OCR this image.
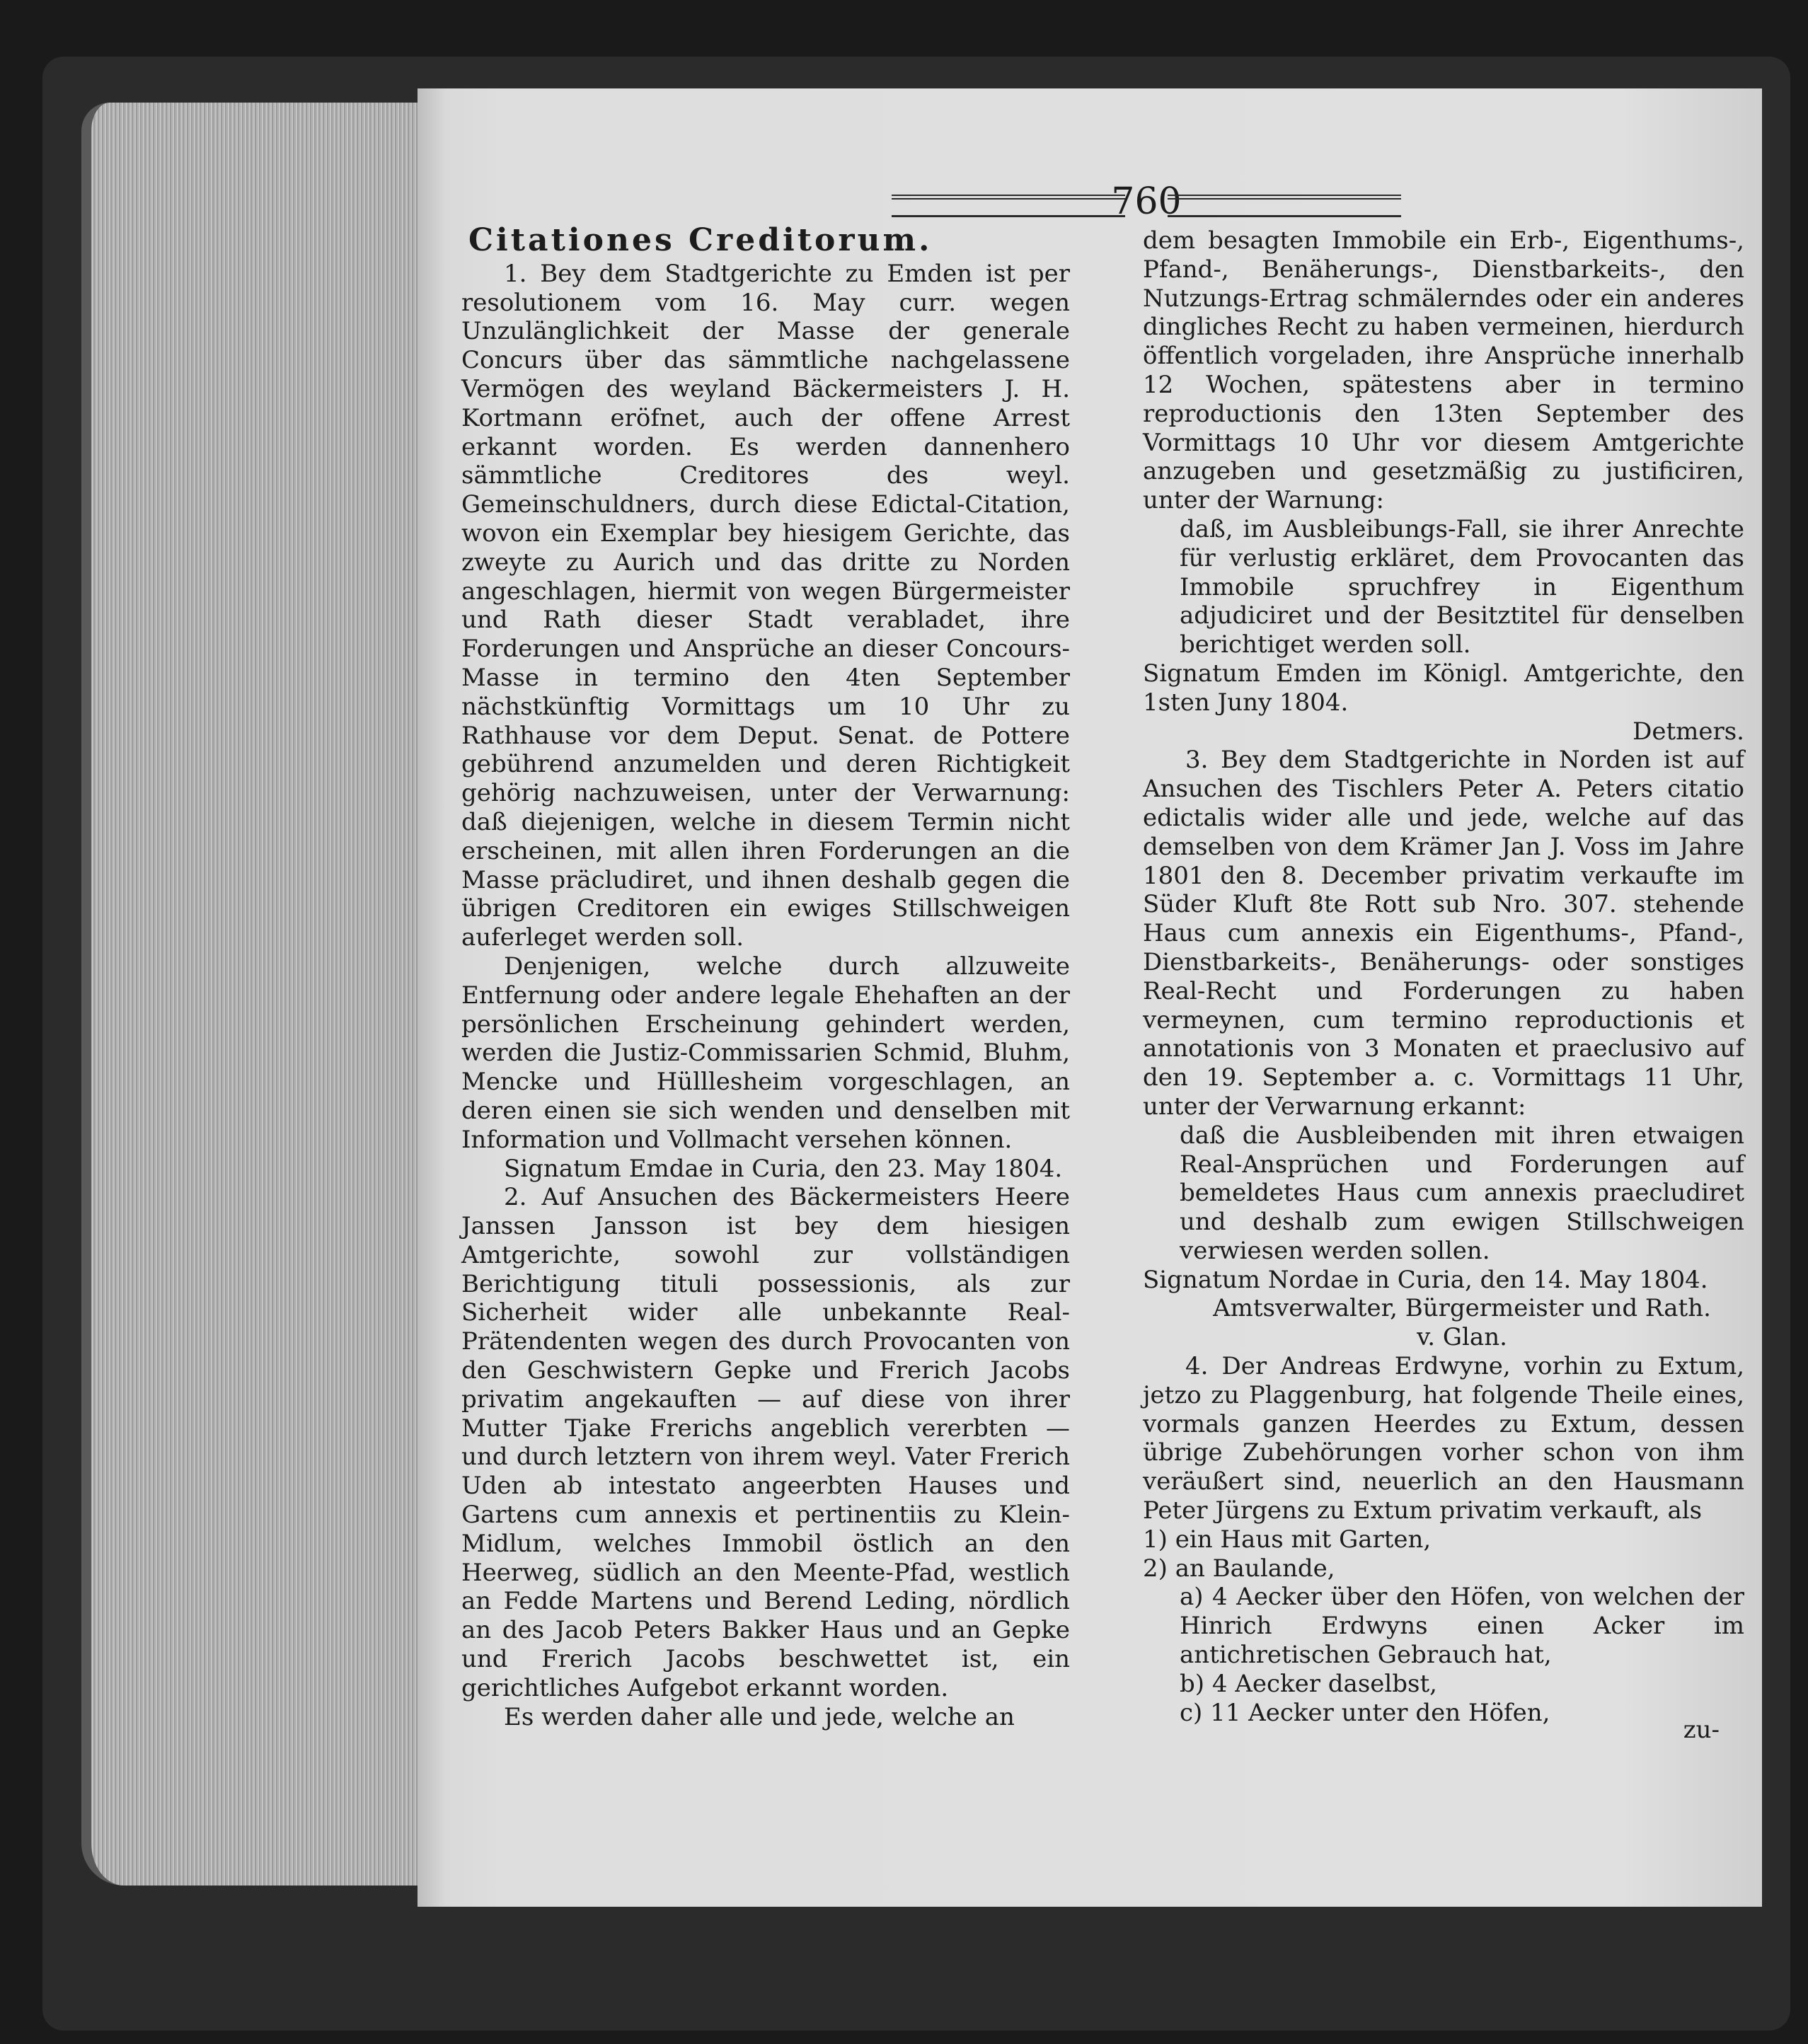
760
Citationes Creditorum.

1. Bey dem Stadtgerichte zu Emden ist per resolutionem vom 16. May curr. wegen Unzulänglichkeit der Masse der generale Concurs über das sämmtliche nachgelassene Vermögen des weyland Bäckermeisters J. H. Kortmann eröfnet, auch der offene Arrest erkannt worden. Es werden dannenhero sämmtliche Creditores des weyl. Gemeinschuldners, durch diese Edictal-Citation, wovon ein Exemplar bey hiesigem Gerichte, das zweyte zu Aurich und das dritte zu Norden angeschlagen, hiermit von wegen Bürgermeister und Rath dieser Stadt verabladet, ihre Forderungen und Ansprüche an dieser Concours-Masse in termino den 4ten September nächstkünftig Vormittags um 10 Uhr zu Rathhause vor dem Deput. Senat. de Pottere gebührend anzumelden und deren Richtigkeit gehörig nachzuweisen, unter der Verwarnung: daß diejenigen, welche in diesem Termin nicht erscheinen, mit allen ihren Forderungen an die Masse präcludiret, und ihnen deshalb gegen die übrigen Creditoren ein ewiges Stillschweigen auferleget werden soll.

Denjenigen, welche durch allzuweite Entfernung oder andere legale Ehehaften an der persönlichen Erscheinung gehindert werden, werden die Justiz-Commissarien Schmid, Bluhm, Mencke und Hülllesheim vorgeschlagen, an deren einen sie sich wenden und denselben mit Information und Vollmacht versehen können.

Signatum Emdae in Curia, den 23. May 1804.

2. Auf Ansuchen des Bäckermeisters Heere Janssen Jansson ist bey dem hiesigen Amtgerichte, sowohl zur vollständigen Berichtigung tituli possessionis, als zur Sicherheit wider alle unbekannte Real-Prätendenten wegen des durch Provocanten von den Geschwistern Gepke und Frerich Jacobs privatim angekauften — auf diese von ihrer Mutter Tjake Frerichs angeblich vererbten — und durch letztern von ihrem weyl. Vater Frerich Uden ab intestato angeerbten Hauses und Gartens cum annexis et pertinentiis zu Klein-Midlum, welches Immobil östlich an den Heerweg, südlich an den Meente-Pfad, westlich an Fedde Martens und Berend Leding, nördlich an des Jacob Peters Bakker Haus und an Gepke und Frerich Jacobs beschwettet ist, ein gerichtliches Aufgebot erkannt worden.

Es werden daher alle und jede, welche an

dem besagten Immobile ein Erb-, Eigenthums-, Pfand-, Benäherungs-, Dienstbarkeits-, den Nutzungs-Ertrag schmälerndes oder ein anderes dingliches Recht zu haben vermeinen, hierdurch öffentlich vorgeladen, ihre Ansprüche innerhalb 12 Wochen, spätestens aber in termino reproductionis den 13ten September des Vormittags 10 Uhr vor diesem Amtgerichte anzugeben und gesetzmäßig zu justificiren, unter der Warnung:

daß, im Ausbleibungs-Fall, sie ihrer Anrechte für verlustig erkläret, dem Provocanten das Immobile spruchfrey in Eigenthum adjudiciret und der Besitztitel für denselben berichtiget werden soll.

Signatum Emden im Königl. Amtgerichte, den 1sten Juny 1804.

Detmers.

3. Bey dem Stadtgerichte in Norden ist auf Ansuchen des Tischlers Peter A. Peters citatio edictalis wider alle und jede, welche auf das demselben von dem Krämer Jan J. Voss im Jahre 1801 den 8. December privatim verkaufte im Süder Kluft 8te Rott sub Nro. 307. stehende Haus cum annexis ein Eigenthums-, Pfand-, Dienstbarkeits-, Benäherungs- oder sonstiges Real-Recht und Forderungen zu haben vermeynen, cum termino reproductionis et annotationis von 3 Monaten et praeclusivo auf den 19. September a. c. Vormittags 11 Uhr, unter der Verwarnung erkannt:

daß die Ausbleibenden mit ihren etwaigen Real-Ansprüchen und Forderungen auf bemeldetes Haus cum annexis praecludiret und deshalb zum ewigen Stillschweigen verwiesen werden sollen.

Signatum Nordae in Curia, den 14. May 1804.

Amtsverwalter, Bürgermeister und Rath.

v. Glan.

4. Der Andreas Erdwyne, vorhin zu Extum, jetzo zu Plaggenburg, hat folgende Theile eines, vormals ganzen Heerdes zu Extum, dessen übrige Zubehörungen vorher schon von ihm veräußert sind, neuerlich an den Hausmann Peter Jürgens zu Extum privatim verkauft, als

1) ein Haus mit Garten,

2) an Baulande,

a) 4 Aecker über den Höfen, von welchen der Hinrich Erdwyns einen Acker im antichretischen Gebrauch hat,

b) 4 Aecker daselbst,

c) 11 Aecker unter den Höfen,

zu-
